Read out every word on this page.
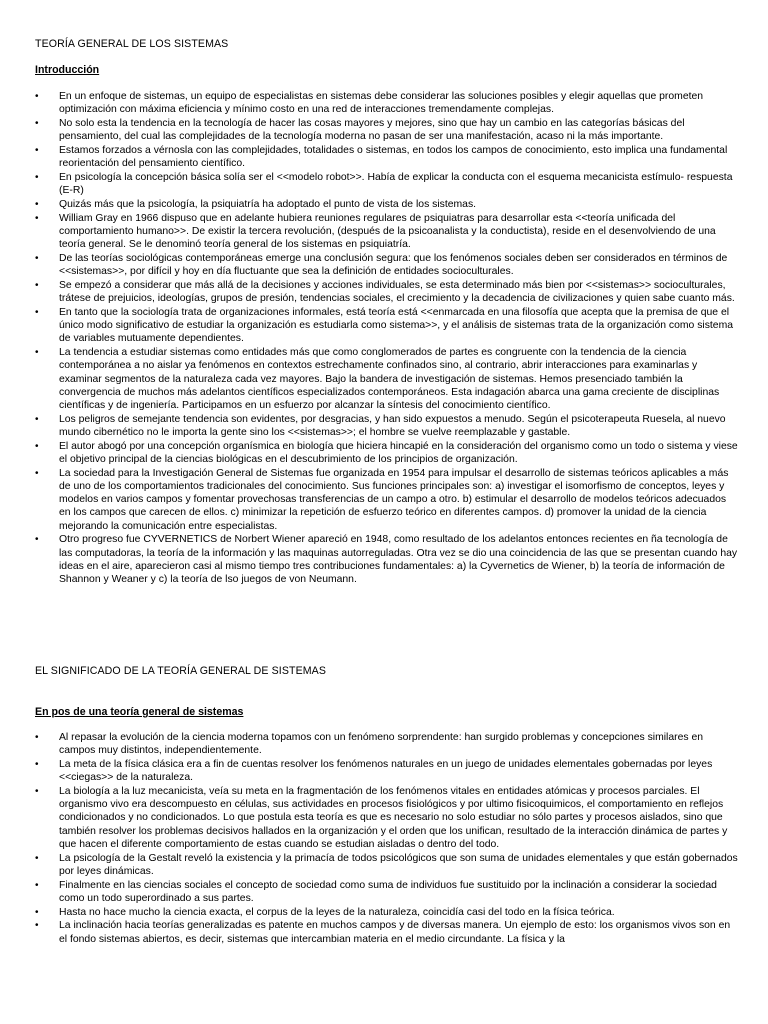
TEORÍA GENERAL DE LOS SISTEMAS
Introducción
• En un enfoque de sistemas, un equipo de especialistas en sistemas debe considerar las soluciones posibles y elegir aquellas que prometen optimización con máxima eficiencia y mínimo costo en una red de interacciones tremendamente complejas.
• No solo esta la tendencia en la tecnología de hacer las cosas mayores y mejores, sino que hay un cambio en las categorías básicas del pensamiento, del cual las complejidades de la tecnología moderna no pasan de ser una manifestación, acaso ni la más importante.
• Estamos forzados a vérnosla con las complejidades, totalidades o sistemas, en todos los campos de conocimiento, esto implica una fundamental reorientación del pensamiento científico.
• En psicología la concepción básica solía ser el <<modelo robot>>. Había de explicar la conducta con el esquema mecanicista estímulo- respuesta (E-R)
• Quizás más que la psicología, la psiquiatría ha adoptado el punto de vista de los sistemas.
• William Gray en 1966 dispuso que en adelante hubiera reuniones regulares de psiquiatras para desarrollar esta <<teoría unificada del comportamiento humano>>. De existir la tercera revolución, (después de la psicoanalista y la conductista), reside en el desenvolviendo de una teoría general. Se le denominó teoría general de los sistemas en psiquiatría.
• De las teorías sociológicas contemporáneas emerge una conclusión segura: que los fenómenos sociales deben ser considerados en términos de <<sistemas>>, por difícil y hoy en día fluctuante que sea la definición de entidades socioculturales.
• Se empezó a considerar que más allá de la decisiones y acciones individuales, se esta determinado más bien por <<sistemas>> socioculturales, trátese de prejuicios, ideologías, grupos de presión, tendencias sociales, el crecimiento y la decadencia de civilizaciones y quien sabe cuanto más.
• En tanto que la sociología trata de organizaciones informales, está teoría está <<enmarcada en una filosofía que acepta que la premisa de que el único modo significativo de estudiar la organización es estudiarla como sistema>>, y el análisis de sistemas trata de la organización como sistema de variables mutuamente dependientes.
• La tendencia a estudiar sistemas como entidades más que como conglomerados de partes es congruente con la tendencia de la ciencia contemporánea a no aislar ya fenómenos en contextos estrechamente confinados sino, al contrario, abrir interacciones para examinarlas y examinar segmentos de la naturaleza cada vez mayores. Bajo la bandera de investigación de sistemas. Hemos presenciado también la convergencia de muchos más adelantos científicos especializados contemporáneos. Esta indagación abarca una gama creciente de disciplinas científicas y de ingeniería. Participamos en un esfuerzo por alcanzar la síntesis del conocimiento científico.
• Los peligros de semejante tendencia son evidentes, por desgracias, y han sido expuestos a menudo. Según el psicoterapeuta Ruesela, al nuevo mundo cibernético no le importa la gente sino los <<sistemas>>; el hombre se vuelve reemplazable y gastable.
• El autor abogó por una concepción organísmica en biología que hiciera hincapié en la consideración del organismo como un todo o sistema y viese el objetivo principal de la ciencias biológicas en el descubrimiento de los principios de organización.
• La sociedad para la Investigación General de Sistemas fue organizada en 1954 para impulsar el desarrollo de sistemas teóricos aplicables a más de uno de los comportamientos tradicionales del conocimiento. Sus funciones principales son: a) investigar el isomorfismo de conceptos, leyes y modelos en varios campos y fomentar provechosas transferencias de un campo a otro. b) estimular el desarrollo de modelos teóricos adecuados en los campos que carecen de ellos. c) minimizar la repetición de esfuerzo teórico en diferentes campos. d) promover la unidad de la ciencia mejorando la comunicación entre especialistas.
• Otro progreso fue CYVERNETICS de Norbert Wiener apareció en 1948, como resultado de los adelantos entonces recientes en ña tecnología de las computadoras, la teoría de la información y las maquinas autorreguladas. Otra vez se dio una coincidencia de las que se presentan cuando hay ideas en el aire, aparecieron casi al mismo tiempo tres contribuciones fundamentales: a) la Cyvernetics de Wiener, b) la teoría de información de Shannon y Weaner y c) la teoría de lso juegos de von Neumann.
EL SIGNIFICADO DE LA TEORÍA GENERAL DE SISTEMAS
En pos de una teoría general de sistemas
• Al repasar la evolución de la ciencia moderna topamos con un fenómeno sorprendente: han surgido problemas y concepciones similares en campos muy distintos, independientemente.
• La meta de la física clásica era a fin de cuentas resolver los fenómenos naturales en un juego de unidades elementales gobernadas por leyes <<ciegas>> de la naturaleza.
• La biología a la luz mecanicista, veía su meta en la fragmentación de los fenómenos vitales en entidades atómicas y procesos parciales. El organismo vivo era descompuesto en células, sus actividades en procesos fisiológicos y por ultimo fisicoquimicos, el comportamiento en reflejos condicionados y no condicionados. Lo que postula esta teoría es que es necesario no solo estudiar no sólo partes y procesos aislados, sino que también resolver los problemas decisivos hallados en la organización y el orden que los unifican, resultado de la interacción dinámica de partes y que hacen el diferente comportamiento de estas cuando se estudian aisladas o dentro del todo.
• La psicología de la Gestalt reveló la existencia y la primacía de todos psicológicos que son suma de unidades elementales y que están gobernados por leyes dinámicas.
• Finalmente en las ciencias sociales el concepto de sociedad como suma de individuos fue sustituido por la inclinación a considerar la sociedad como un todo superordinado a sus partes.
• Hasta no hace mucho la ciencia exacta, el corpus de la leyes de la naturaleza, coincidía casi del todo en la física teórica.
• La inclinación hacia teorías generalizadas es patente en muchos campos y de diversas manera. Un ejemplo de esto: los organismos vivos son en el fondo sistemas abiertos, es decir, sistemas que intercambian materia en el medio circundante. La física y la
